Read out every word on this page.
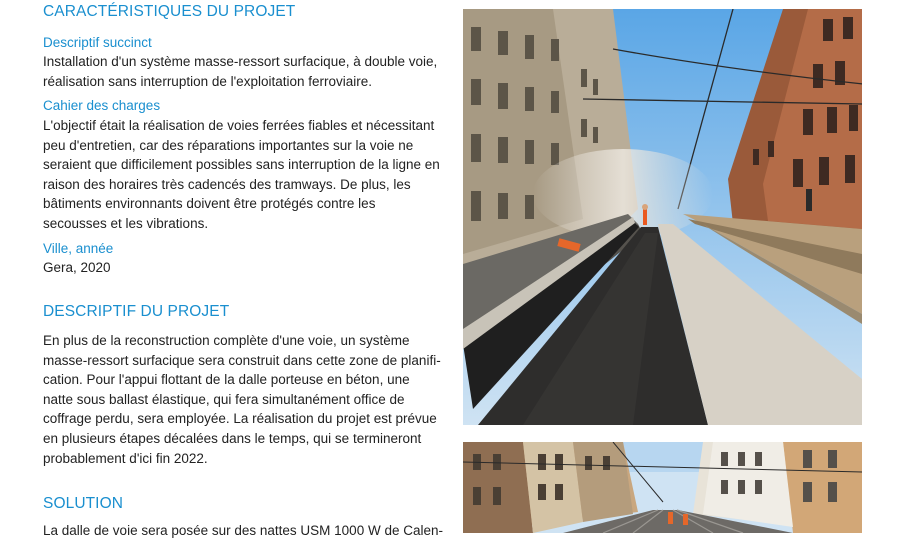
CARACTÉRISTIQUES DU PROJET

Descriptif succinct

Installation d'un système masse-ressort surfacique, à double voie, réalisation sans interruption de l'exploitation ferroviaire.

Cahier des charges

L'objectif était la réalisation de voies ferrées fiables et nécessitant peu d'entretien, car des réparations importantes sur la voie ne seraient que difficilement possibles sans interruption de la ligne en raison des horaires très cadencés des tramways. De plus, les bâtiments environnants doivent être protégés contre les secousses et les vibrations.

Ville, année

Gera, 2020

DESCRIPTIF DU PROJET

En plus de la reconstruction complète d'une voie, un système masse-ressort surfacique sera construit dans cette zone de planifi-cation. Pour l'appui flottant de la dalle porteuse en béton, une natte sous ballast élastique, qui fera simultanément office de coffrage perdu, sera employée. La réalisation du projet est prévue en plusieurs étapes décalées dans le temps, qui se termineront probablement d'ici fin 2022.

SOLUTION

La dalle de voie sera posée sur des nattes USM 1000 W de Calen-
